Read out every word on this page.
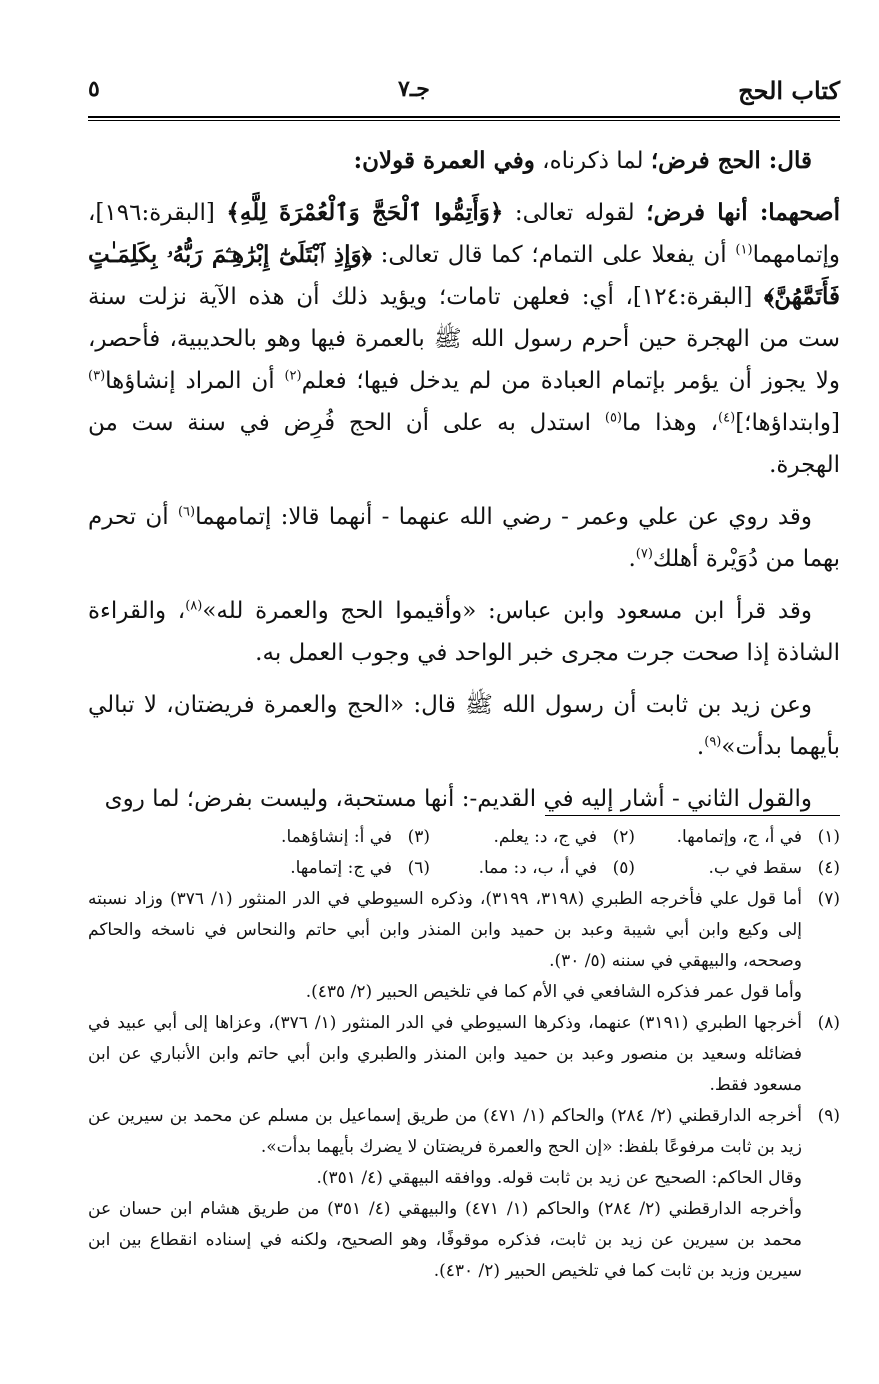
كتاب الحج
جـ٧
٥

قال: الحج فرض؛ لما ذكرناه، وفي العمرة قولان:

أصحهما: أنها فرض؛ لقوله تعالى: ﴿وَأَتِمُّوا ٱلْحَجَّ وَٱلْعُمْرَةَ لِلَّهِ﴾ [البقرة:١٩٦]، وإتمامهما$^{(١)}$ أن يفعلا على التمام؛ كما قال تعالى: ﴿وَإِذِ ٱبْتَلَىٰٓ إِبْرَٰهِـۧمَ رَبُّهُۥ بِكَلِمَـٰتٍ فَأَتَمَّهُنَّ﴾ [البقرة:١٢٤]، أي: فعلهن تامات؛ ويؤيد ذلك أن هذه الآية نزلت سنة ست من الهجرة حين أحرم رسول الله ﷺ بالعمرة فيها وهو بالحديبية، فأحصر، ولا يجوز أن يؤمر بإتمام العبادة من لم يدخل فيها؛ فعلم$^{(٢)}$ أن المراد إنشاؤها$^{(٣)}$ [وابتداؤها؛]$^{(٤)}$، وهذا ما$^{(٥)}$ استدل به على أن الحج فُرِض في سنة ست من الهجرة.

وقد روي عن علي وعمر - رضي الله عنهما - أنهما قالا: إتمامهما$^{(٦)}$ أن تحرم بهما من دُوَيْرة أهلك$^{(٧)}$.

وقد قرأ ابن مسعود وابن عباس: «وأقيموا الحج والعمرة لله»$^{(٨)}$، والقراءة الشاذة إذا صحت جرت مجرى خبر الواحد في وجوب العمل به.

وعن زيد بن ثابت أن رسول الله ﷺ قال: «الحج والعمرة فريضتان، لا تبالي بأيهما بدأت»$^{(٩)}$.

والقول الثاني - أشار إليه في القديم-: أنها مستحبة، وليست بفرض؛ لما روى

(١)
في أ، ج، وإتمامها.
(٢)
في ج، د: يعلم.
(٣)
في أ: إنشاؤهما.
(٤)
سقط في ب.
(٥)
في أ، ب، د: مما.
(٦)
في ج: إتمامها.
(٧)
أما قول علي فأخرجه الطبري (٣١٩٨، ٣١٩٩)، وذكره السيوطي في الدر المنثور (١/ ٣٧٦) وزاد نسبته إلى وكيع وابن أبي شيبة وعبد بن حميد وابن المنذر وابن أبي حاتم والنحاس في ناسخه والحاكم وصححه، والبيهقي في سننه (٥/ ٣٠).
وأما قول عمر فذكره الشافعي في الأم كما في تلخيص الحبير (٢/ ٤٣٥).
(٨)
أخرجها الطبري (٣١٩١) عنهما، وذكرها السيوطي في الدر المنثور (١/ ٣٧٦)، وعزاها إلى أبي عبيد في فضائله وسعيد بن منصور وعبد بن حميد وابن المنذر والطبري وابن أبي حاتم وابن الأنباري عن ابن مسعود فقط.
(٩)
أخرجه الدارقطني (٢/ ٢٨٤) والحاكم (١/ ٤٧١) من طريق إسماعيل بن مسلم عن محمد بن سيرين عن زيد بن ثابت مرفوعًا بلفظ: «إن الحج والعمرة فريضتان لا يضرك بأيهما بدأت».
وقال الحاكم: الصحيح عن زيد بن ثابت قوله. ووافقه البيهقي (٤/ ٣٥١).
وأخرجه الدارقطني (٢/ ٢٨٤) والحاكم (١/ ٤٧١) والبيهقي (٤/ ٣٥١) من طريق هشام ابن حسان عن محمد بن سيرين عن زيد بن ثابت، فذكره موقوفًا، وهو الصحيح، ولكنه في إسناده انقطاع بين ابن سيرين وزيد بن ثابت كما في تلخيص الحبير (٢/ ٤٣٠).
